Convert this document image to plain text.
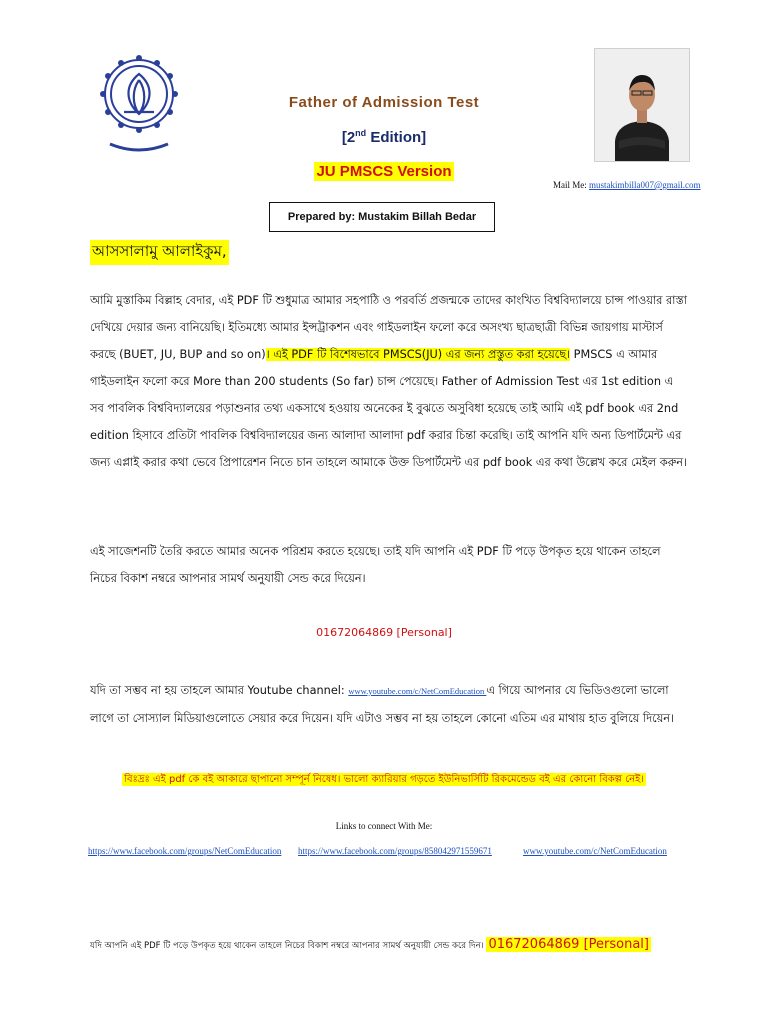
Father of Admission Test
[2nd Edition]
JU PMSCS Version
Mail Me: mustakimbilla007@gmail.com
Prepared by: Mustakim Billah Bedar
আসসালামু আলাইকুম,
আমি মুস্তাকিম বিল্লাহ বেদার, এই PDF টি শুধুমাত্র আমার সহপাঠি ও পরবর্তি প্রজন্মকে তাদের কাংখিত বিশ্ববিদ্যালয়ে চান্স পাওয়ার রাস্তা দেখিয়ে দেয়ার জন্য বানিয়েছি। ইতিমধ্যে আমার ইন্সট্রাকশন এবং গাইডলাইন ফলো করে অসংখ্য ছাত্রছাত্রী বিভিন্ন জায়গায় মাস্টার্স করছে (BUET, JU, BUP and so on)। এই PDF টি বিশেষভাবে PMSCS(JU) এর জন্য প্রস্তুত করা হয়েছে। PMSCS এ আমার গাইডলাইন ফলো করে More than 200 students (So far) চান্স পেয়েছে। Father of Admission Test এর 1st edition এ সব পাবলিক বিশ্ববিদ্যালয়ের পড়াশুনার তথ্য একসাথে হওয়ায় অনেকের ই বুঝতে অসুবিধা হয়েছে তাই আমি এই pdf book এর 2nd edition হিসাবে প্রতিটা পাবলিক বিশ্ববিদ্যালয়ের জন্য আলাদা আলাদা pdf করার চিন্তা করেছি। তাই আপনি যদি অন্য ডিপার্টমেন্ট এর জন্য এপ্লাই করার কথা ভেবে প্রিপারেশন নিতে চান তাহলে আমাকে উক্ত ডিপার্টমেন্ট এর pdf book এর কথা উল্লেখ করে মেইল করুন।
এই সাজেশনটি তৈরি করতে আমার অনেক পরিশ্রম করতে হয়েছে। তাই যদি আপনি এই PDF টি পড়ে উপকৃত হয়ে থাকেন তাহলে নিচের বিকাশ নম্বরে আপনার সামর্থ অনুযায়ী সেন্ড করে দিয়েন।
01672064869 [Personal]
যদি তা সম্ভব না হয় তাহলে আমার Youtube channel: www.youtube.com/c/NetComEducation এ গিয়ে আপনার যে ভিডিওগুলো ভালো লাগে তা সোস্যাল মিডিয়াগুলোতে সেয়ার করে দিয়েন। যদি এটাও সম্ভব না হয় তাহলে কোনো এতিম এর মাথায় হাত বুলিয়ে দিয়েন।
বিঃদ্রঃ এই pdf কে বই আকারে ছাপানো সম্পূর্ন নিষেধ। ভালো ক্যারিয়ার গড়তে ইউনিভার্সিটি রিকমেন্ডেড বই এর কোনো বিকল্প নেই।
Links to connect With Me:
https://www.facebook.com/groups/NetComEducation https://www.facebook.com/groups/858042971559671	www.youtube.com/c/NetComEducation
যদি আপনি এই PDF টি পড়ে উপকৃত হয়ে থাকেন তাহলে নিচের বিকাশ নম্বরে আপনার সামর্থ অনুযায়ী সেন্ড করে দিন। 01672064869 [Personal]
